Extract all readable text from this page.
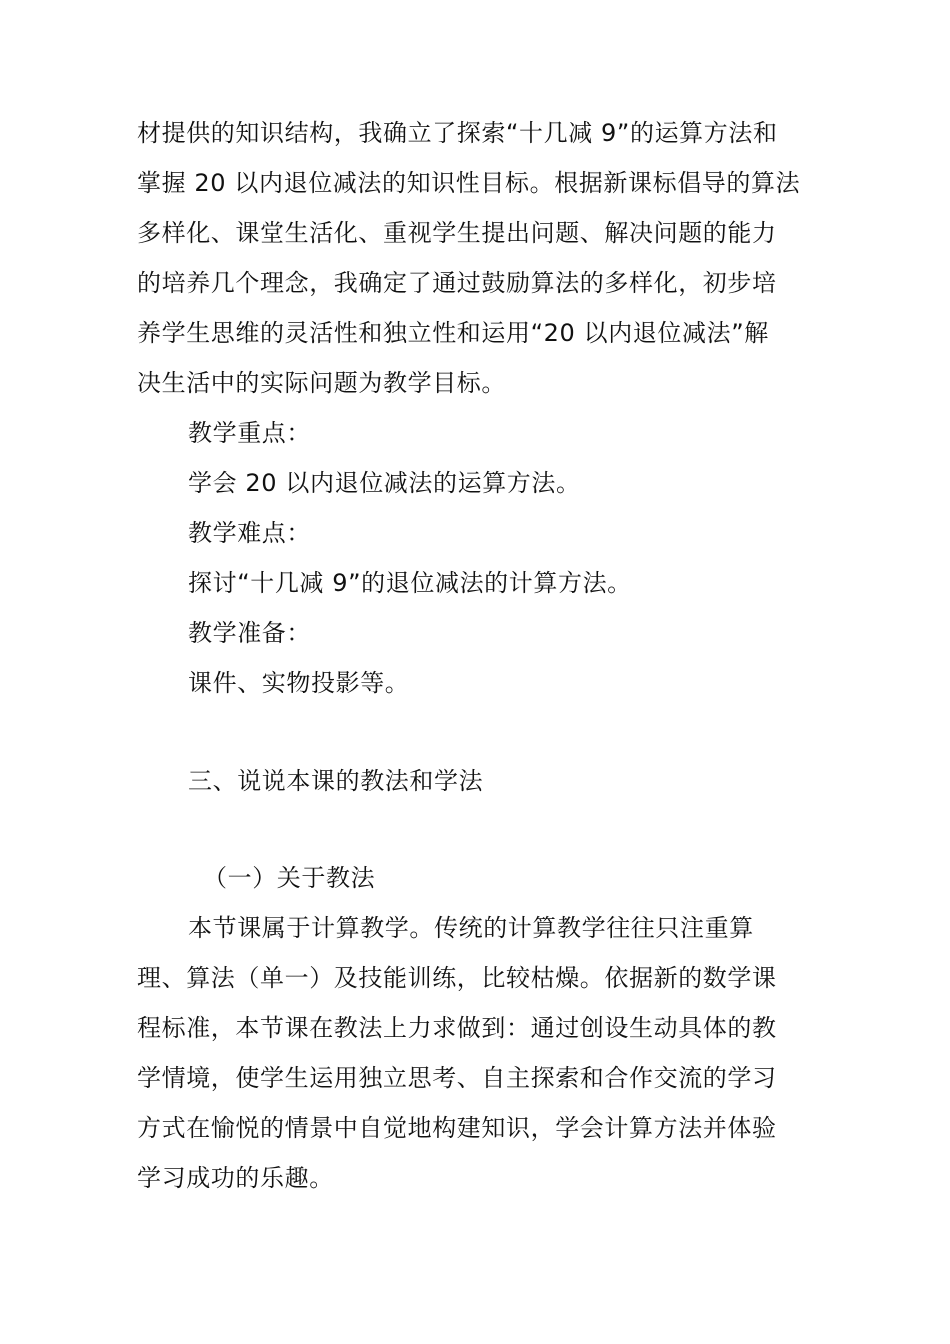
材提供的知识结构，我确立了探索“十几减 9”的运算方法和
掌握 20 以内退位减法的知识性目标。根据新课标倡导的算法
多样化、课堂生活化、重视学生提出问题、解决问题的能力
的培养几个理念，我确定了通过鼓励算法的多样化，初步培
养学生思维的灵活性和独立性和运用“20 以内退位减法”解
决生活中的实际问题为教学目标。
教学重点：
学会 20 以内退位减法的运算方法。
教学难点：
探讨“十几减 9”的退位减法的计算方法。
教学准备：
课件、实物投影等。
三、说说本课的教法和学法
（一）关于教法
本节课属于计算教学。传统的计算教学往往只注重算
理、算法（单一）及技能训练，比较枯燥。依据新的数学课
程标准，本节课在教法上力求做到：通过创设生动具体的教
学情境，使学生运用独立思考、自主探索和合作交流的学习
方式在愉悦的情景中自觉地构建知识，学会计算方法并体验
学习成功的乐趣。
